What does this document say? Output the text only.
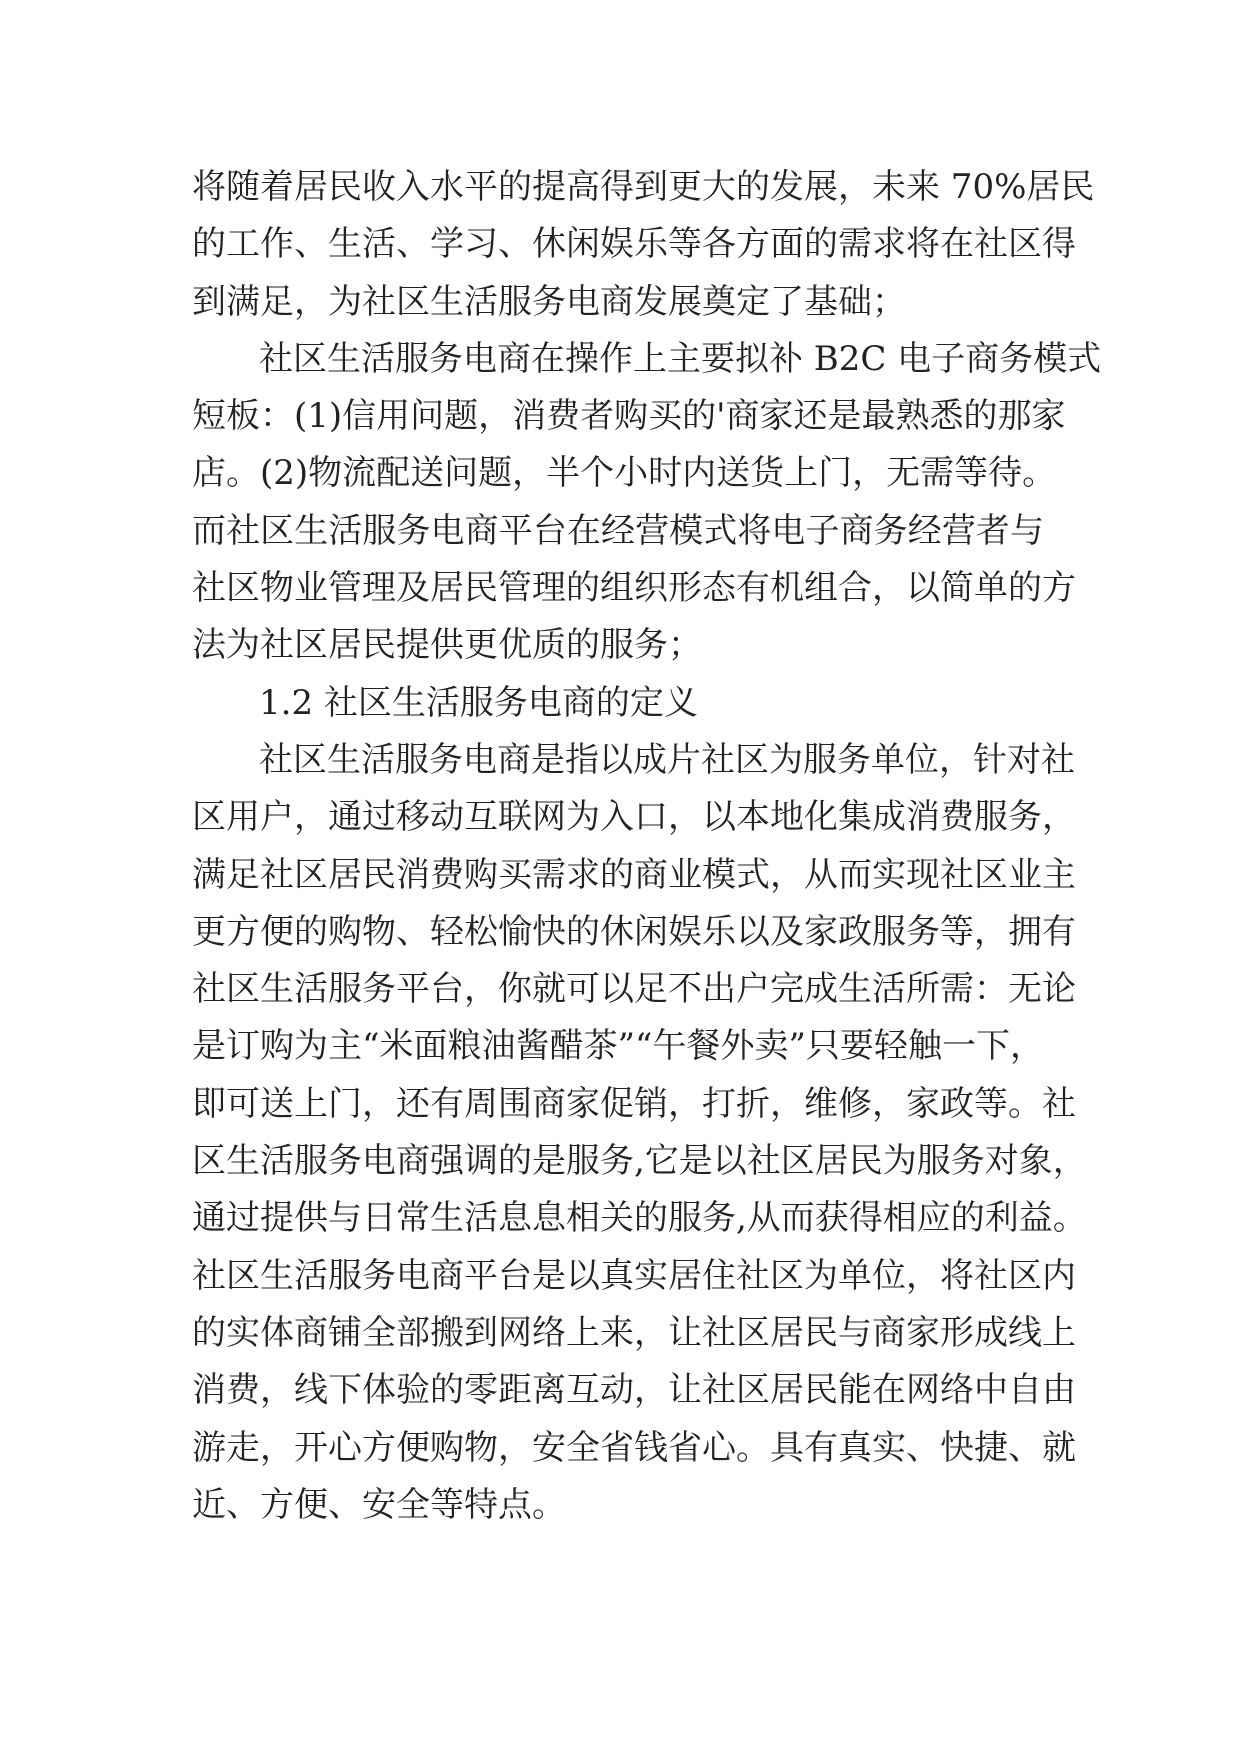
将随着居民收入水平的提高得到更大的发展，未来 70%居民
的工作、生活、学习、休闲娱乐等各方面的需求将在社区得
到满足，为社区生活服务电商发展奠定了基础；
社区生活服务电商在操作上主要拟补 B2C 电子商务模式
短板：(1)信用问题，消费者购买的'商家还是最熟悉的那家
店。(2)物流配送问题，半个小时内送货上门，无需等待。
而社区生活服务电商平台在经营模式将电子商务经营者与
社区物业管理及居民管理的组织形态有机组合，以简单的方
法为社区居民提供更优质的服务；
1.2 社区生活服务电商的定义
社区生活服务电商是指以成片社区为服务单位，针对社
区用户，通过移动互联网为入口，以本地化集成消费服务，
满足社区居民消费购买需求的商业模式，从而实现社区业主
更方便的购物、轻松愉快的休闲娱乐以及家政服务等，拥有
社区生活服务平台，你就可以足不出户完成生活所需：无论
是订购为主“米面粮油酱醋茶”“午餐外卖”只要轻触一下，
即可送上门，还有周围商家促销，打折，维修，家政等。社
区生活服务电商强调的是服务,它是以社区居民为服务对象，
通过提供与日常生活息息相关的服务,从而获得相应的利益。
社区生活服务电商平台是以真实居住社区为单位，将社区内
的实体商铺全部搬到网络上来，让社区居民与商家形成线上
消费，线下体验的零距离互动，让社区居民能在网络中自由
游走，开心方便购物，安全省钱省心。具有真实、快捷、就
近、方便、安全等特点。
